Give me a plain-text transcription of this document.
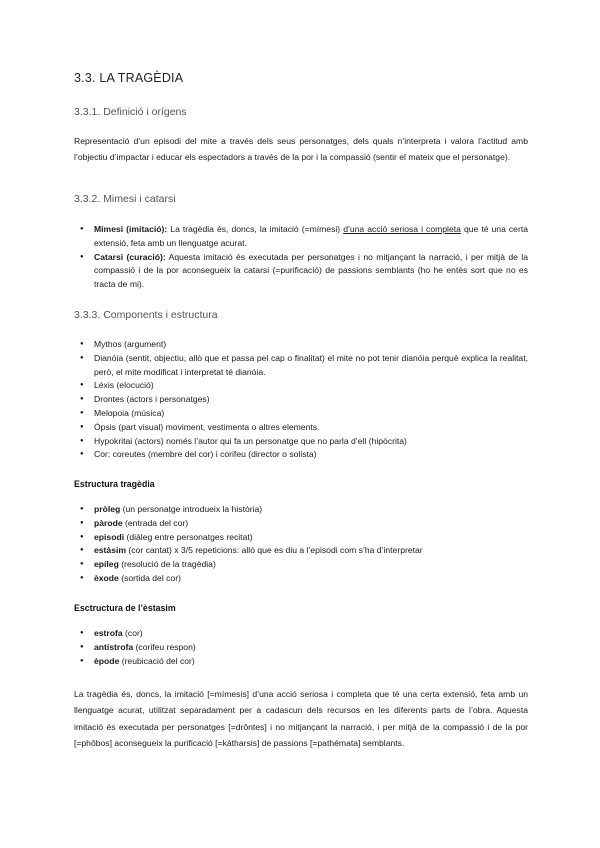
3.3. LA TRAGÈDIA
3.3.1. Definició i orígens

Representació d’un episodi del mite a través dels seus personatges, dels quals n’interpreta i valora l’actitud amb l’objectiu d’impactar i educar els espectadors a través de la por i la compassió (sentir el mateix que el personatge).

3.3.2. Mimesi i catarsi
● Mimesi (imitació): La tragèdia és, doncs, la imitació (=mímesi) d’una acció seriosa i completa que té una certa extensió, feta amb un llenguatge acurat.
● Catarsi (curació): Aquesta imitació és executada per personatges i no mitjançant la narració, i per mitjà de la compassió i de la por aconsegueix la catarsi (=purificació) de passions semblants (ho he entès sort que no es tracta de mi).
3.3.3. Components i estructura
● Mythos (argument)
● Dianóia (sentit, objectiu, allò que et passa pel cap o finalitat) el mite no pot tenir dianóia perquè explica la realitat, però, el mite modificat i interpretat té dianóia.
● Léxis (elocució)
● Drontes (actors i personatges)
● Melopoia (música)
● Ópsis (part visual) moviment, vestimenta o altres elements.
● Hypokritai (actors) només l’autor qui fa un personatge que no parla d’ell (hipòcrita)
● Cor: coreutes (membre del cor) i corifeu (director o solista)
Estructura tragèdia
● pròleg (un personatge introdueix la història)
● pàrode (entrada del cor)
● episodi (diàleg entre personatges recitat)
● estàsim (cor cantat) x 3/5 repeticions: allò que es diu a l’episodi com s’ha d’interpretar
● epíleg (resolució de la tragèdia)
● èxode (sortida del cor)
Esctructura de l’èstasim
● estrofa (cor)
● antístrofa (corifeu respon)
● èpode (reubicació del cor)

La tragèdia és, doncs, la imitació [=mímesis] d’una acció seriosa i completa que té una certa extensió, feta amb un llenguatge acurat, utilitzat separadament per a cadascun dels recursos en les diferents parts de l’obra. Aquesta imitació és executada per personatges [=drôntes] i no mitjançant la narració, i per mitjà de la compassió i de la por [=phôbos] aconsegueix la purificació [=kátharsis] de passions [=pathémata] semblants.
